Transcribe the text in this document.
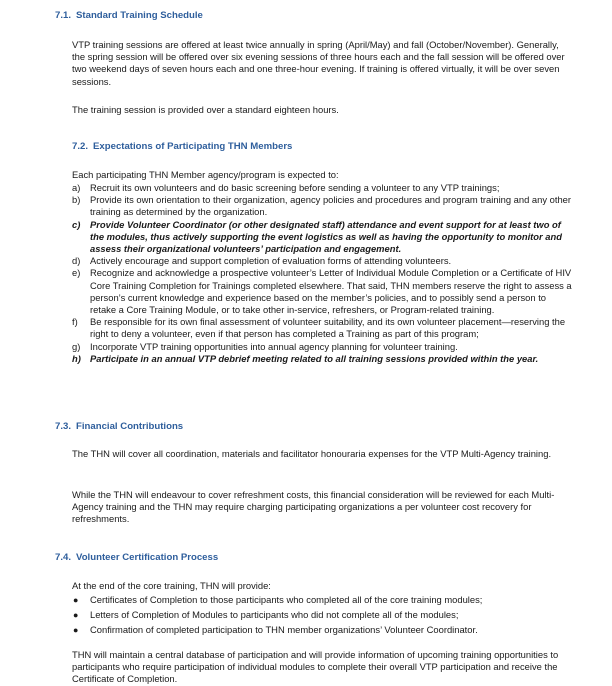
7.1. Standard Training Schedule

VTP training sessions are offered at least twice annually in spring (April/May) and fall (October/November). Generally, the spring session will be offered over six evening sessions of three hours each and the fall session will be offered over two weekend days of seven hours each and one three-hour evening. If training is offered virtually, it will be over seven sessions.

The training session is provided over a standard eighteen hours.

7.2. Expectations of Participating THN Members

Each participating THN Member agency/program is expected to:

a) Recruit its own volunteers and do basic screening before sending a volunteer to any VTP trainings;
b) Provide its own orientation to their organization, agency policies and procedures and program training and any other training as determined by the organization.
c) Provide Volunteer Coordinator (or other designated staff) attendance and event support for at least two of the modules, thus actively supporting the event logistics as well as having the opportunity to monitor and assess their organizational volunteers’ participation and engagement.
d) Actively encourage and support completion of evaluation forms of attending volunteers.
e) Recognize and acknowledge a prospective volunteer’s Letter of Individual Module Completion or a Certificate of HIV Core Training Completion for Trainings completed elsewhere. That said, THN members reserve the right to assess a person’s current knowledge and experience based on the member’s policies, and to possibly send a person to retake a Core Training Module, or to take other in-service, refreshers, or Program-related training.
f) Be responsible for its own final assessment of volunteer suitability, and its own volunteer placement—reserving the right to deny a volunteer, even if that person has completed a Training as part of this program;
g) Incorporate VTP training opportunities into annual agency planning for volunteer training.
h) Participate in an annual VTP debrief meeting related to all training sessions provided within the year.
7.3. Financial Contributions

The THN will cover all coordination, materials and facilitator honouraria expenses for the VTP Multi-Agency training.

While the THN will endeavour to cover refreshment costs, this financial consideration will be reviewed for each Multi-Agency training and the THN may require charging participating organizations a per volunteer cost recovery for refreshments.

7.4. Volunteer Certification Process

At the end of the core training, THN will provide:

● Certificates of Completion to those participants who completed all of the core training modules;
● Letters of Completion of Modules to participants who did not complete all of the modules;
● Confirmation of completed participation to THN member organizations’ Volunteer Coordinator.

THN will maintain a central database of participation and will provide information of upcoming training opportunities to participants who require participation of individual modules to complete their overall VTP participation and receive the Certificate of Completion.
